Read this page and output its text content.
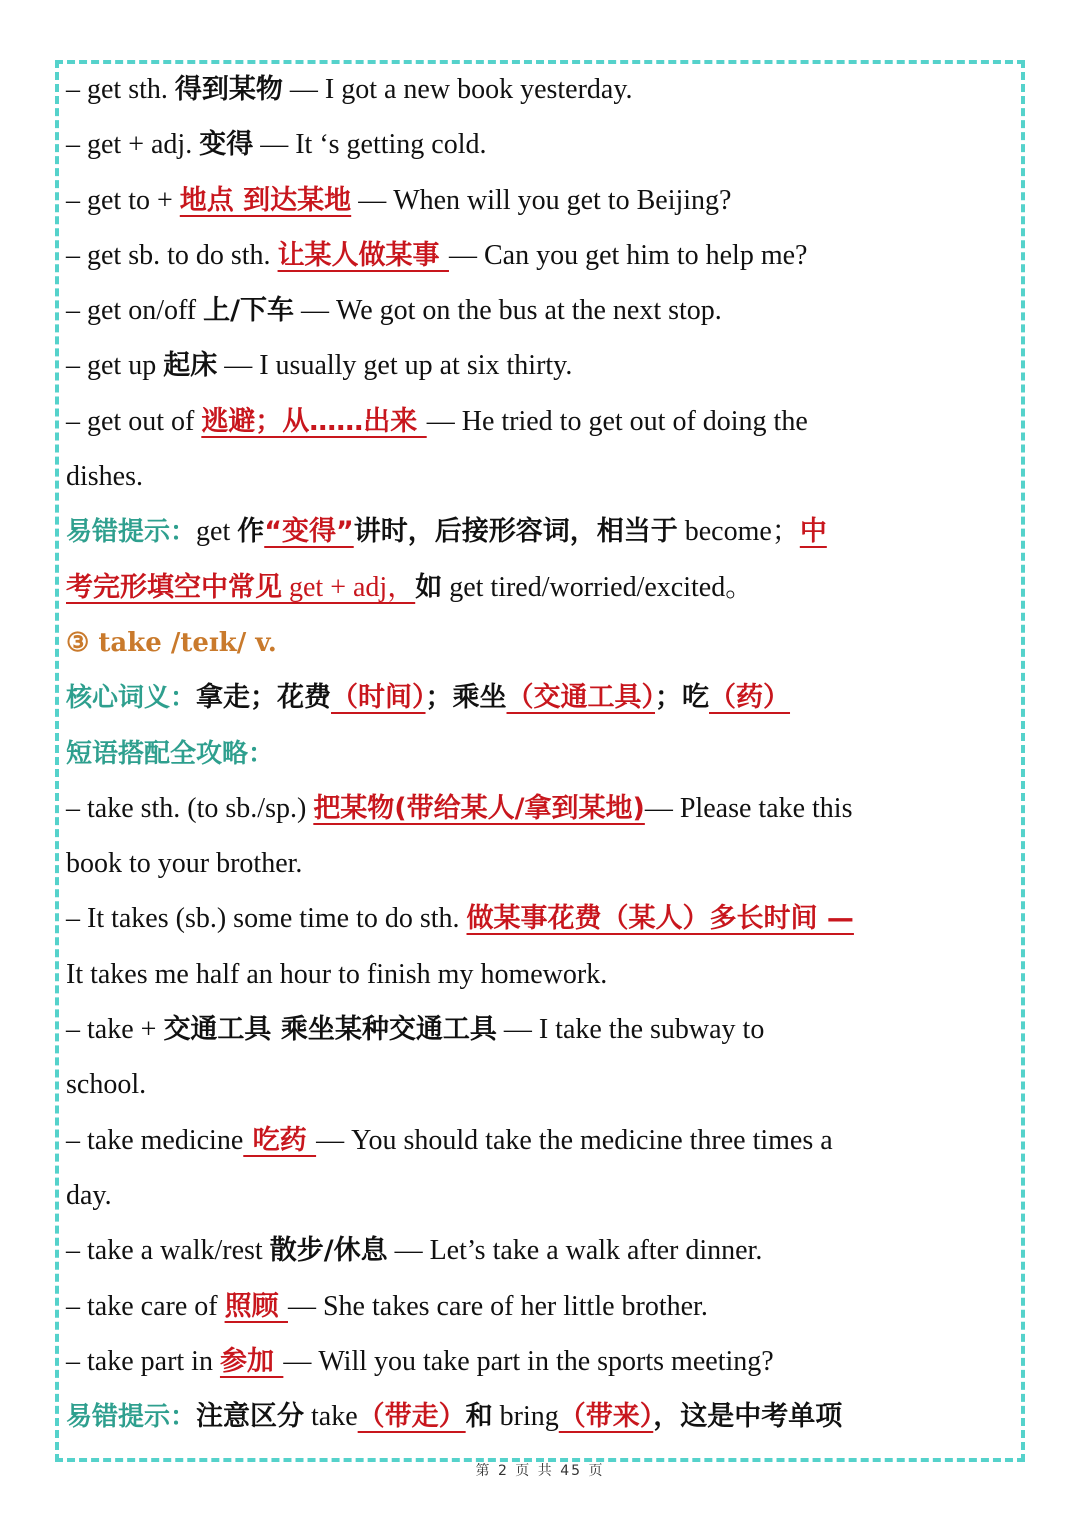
– get sth. 得到某物 — I got a new book yesterday.
– get + adj. 变得 — It ‘s getting cold.
– get to + 地点 到达某地 — When will you get to Beijing?
– get sb. to do sth. 让某人做某事 — Can you get him to help me?
– get on/off 上/下车 — We got on the bus at the next stop.
– get up 起床 — I usually get up at six thirty.
– get out of 逃避；从……出来 — He tried to get out of doing the
dishes.
易错提示：get 作“变得”讲时，后接形容词，相当于 become；中
考完形填空中常见 get + adj，如 get tired/worried/excited。
③ take /teɪk/ v.
核心词义：拿走；花费（时间）；乘坐（交通工具）；吃（药）
短语搭配全攻略：
– take sth. (to sb./sp.) 把某物(带给某人/拿到某地)— Please take this
book to your brother.
– It takes (sb.) some time to do sth. 做某事花费（某人）多长时间 —
It takes me half an hour to finish my homework.
– take + 交通工具 乘坐某种交通工具 — I take the subway to
school.
– take medicine 吃药 — You should take the medicine three times a
day.
– take a walk/rest 散步/休息 — Let’s take a walk after dinner.
– take care of 照顾 — She takes care of her little brother.
– take part in 参加 — Will you take part in the sports meeting?
易错提示：注意区分 take（带走）和 bring（带来），这是中考单项
第 2 页 共 45 页
